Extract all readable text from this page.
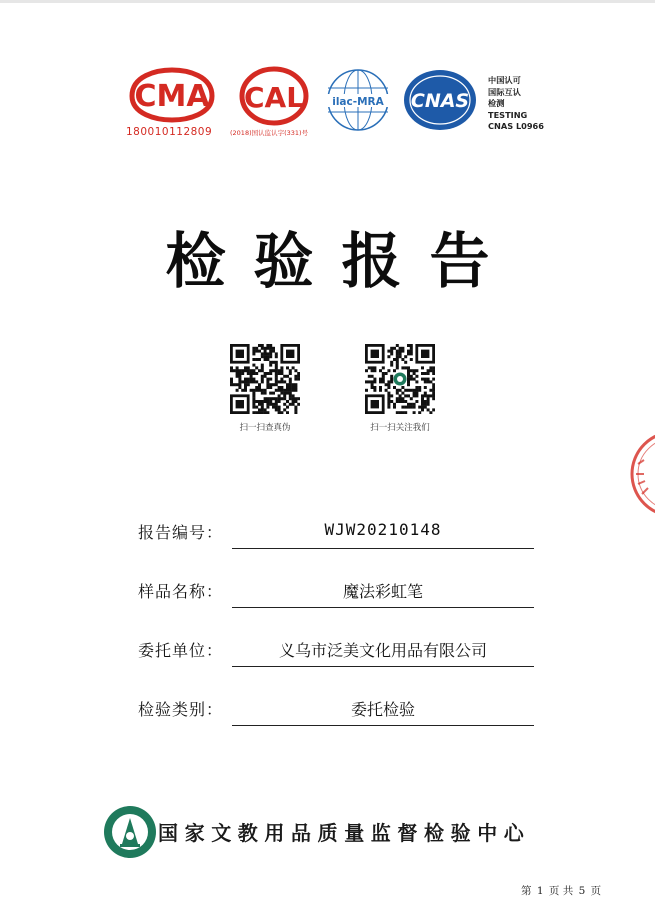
CMA
180010112809
CAL
(2018)国认监认字(331)号
ilac-MRA CNAS
中国认可
国际互认
检测
TESTING
CNAS L0966
检验报告
扫一扫查真伪	扫一扫关注我们
报告编号：	WJW20210148
样品名称：	魔法彩虹笔
委托单位：	义乌市泛美文化用品有限公司
检验类别：	委托检验
国家文教用品质量监督检验中心
第 1 页 共 5 页
